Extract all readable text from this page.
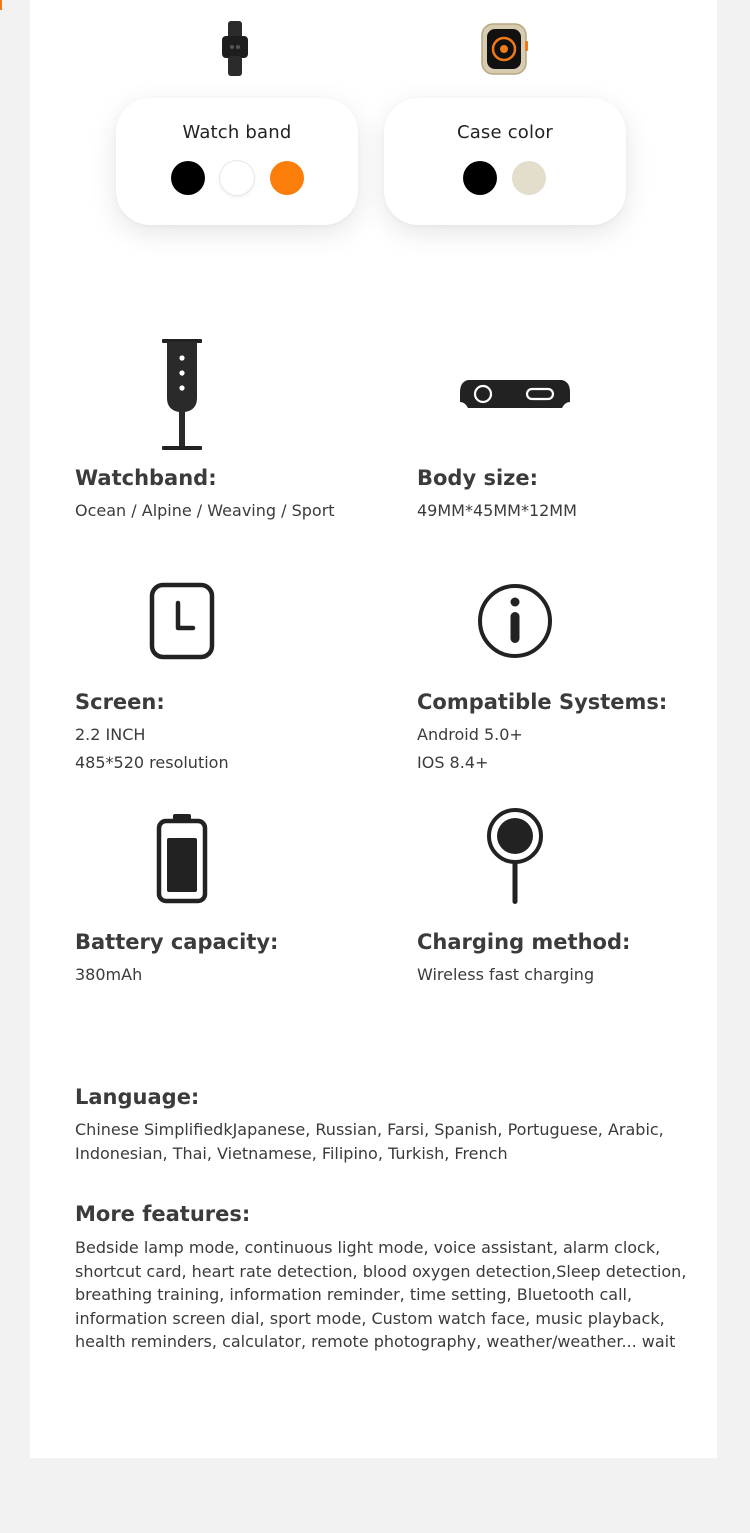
Watch band	Case color
Watchband:
Ocean / Alpine / Weaving / Sport
Body size:
49MM*45MM*12MM
Screen:
2.2 INCH
485*520 resolution
Compatible Systems:
Android 5.0+
IOS 8.4+
Battery capacity:
380mAh
Charging method:
Wireless fast charging
Language:
Chinese SimplifiedkJapanese, Russian, Farsi, Spanish, Portuguese, Arabic,
Indonesian, Thai, Vietnamese, Filipino, Turkish, French
More features:
Bedside lamp mode, continuous light mode, voice assistant, alarm clock,
shortcut card, heart rate detection, blood oxygen detection,Sleep detection,
breathing training, information reminder, time setting, Bluetooth call,
information screen dial, sport mode, Custom watch face, music playback,
health reminders, calculator, remote photography, weather/weather... wait
